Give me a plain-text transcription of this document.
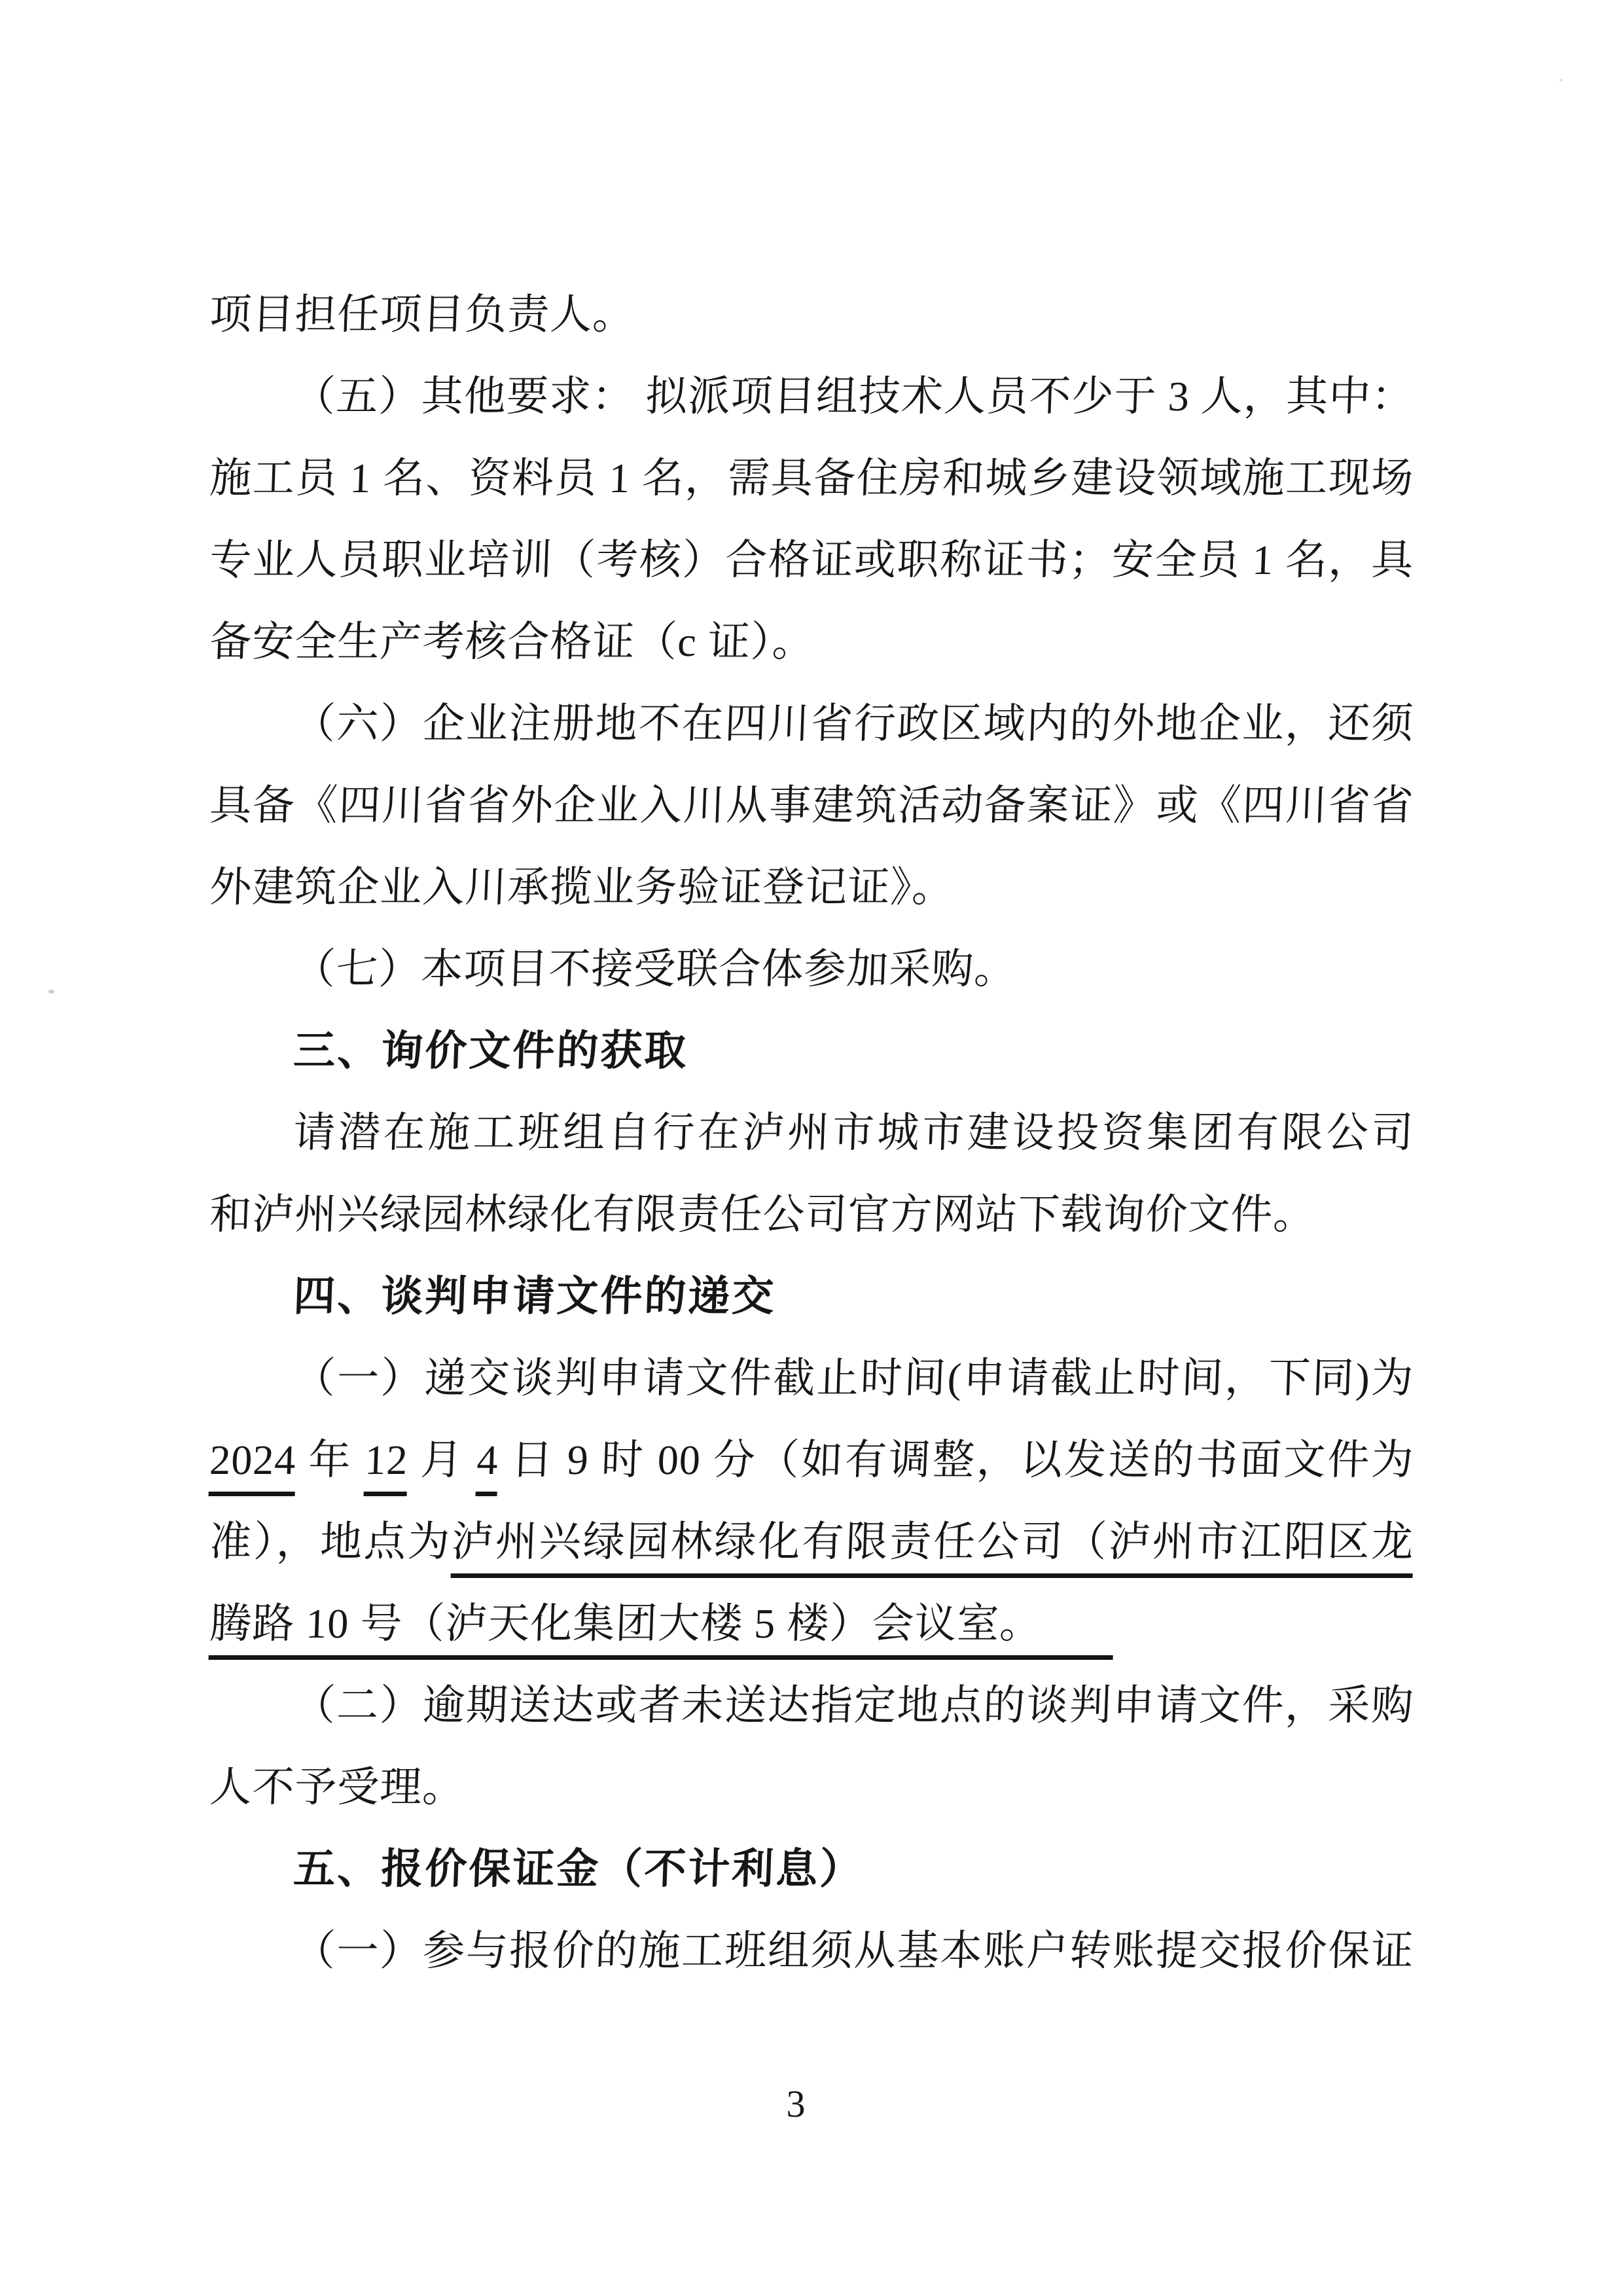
项目担任项目负责人。
（五）其他要求： 拟派项目组技术人员不少于 3 人，其中：
施工员 1 名、资料员 1 名，需具备住房和城乡建设领域施工现场
专业人员职业培训（考核）合格证或职称证书；安全员 1 名，具
备安全生产考核合格证（c 证）。
（六）企业注册地不在四川省行政区域内的外地企业，还须
具备《四川省省外企业入川从事建筑活动备案证》或《四川省省
外建筑企业入川承揽业务验证登记证》。
（七）本项目不接受联合体参加采购。
三、询价文件的获取
请潜在施工班组自行在泸州市城市建设投资集团有限公司
和泸州兴绿园林绿化有限责任公司官方网站下载询价文件。
四、谈判申请文件的递交
（一）递交谈判申请文件截止时间(申请截止时间，下同)为
2024 年 12 月 4 日 9 时 00 分（如有调整，以发送的书面文件为
准），地点为泸州兴绿园林绿化有限责任公司（泸州市江阳区龙
腾路 10 号（泸天化集团大楼 5 楼）会议室。
（二）逾期送达或者未送达指定地点的谈判申请文件，采购
人不予受理。
五、报价保证金（不计利息）
（一）参与报价的施工班组须从基本账户转账提交报价保证
3
